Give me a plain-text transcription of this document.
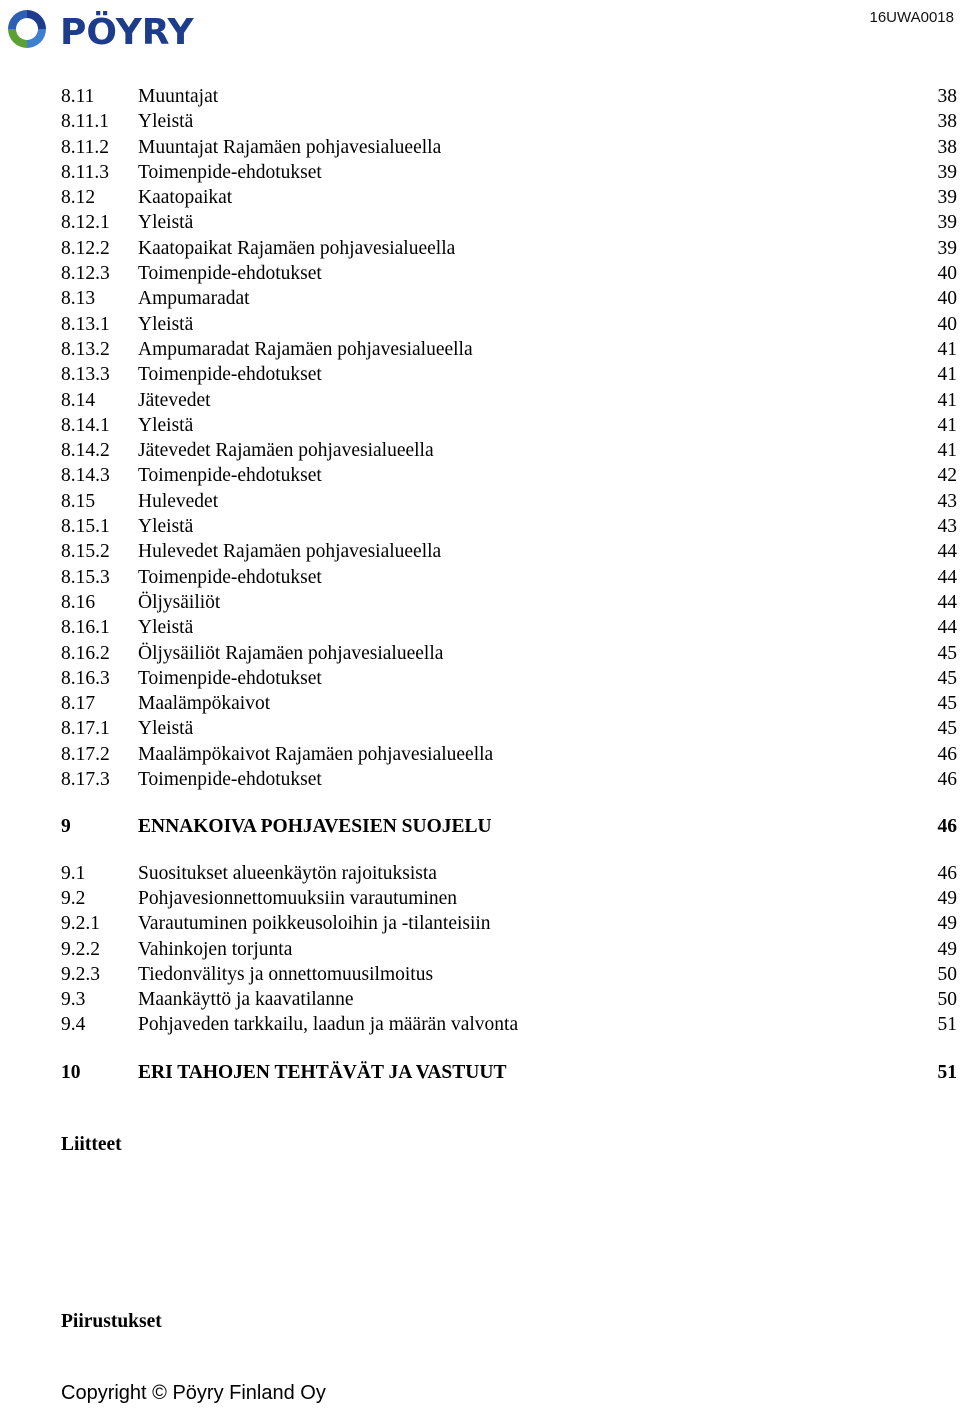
PÖYRY	16UWA0018
8.11 Muuntajat	38
8.11.1 Yleistä	38
8.11.2 Muuntajat Rajamäen pohjavesialueella	38
8.11.3 Toimenpide-ehdotukset	39
8.12 Kaatopaikat	39
8.12.1 Yleistä	39
8.12.2 Kaatopaikat Rajamäen pohjavesialueella	39
8.12.3 Toimenpide-ehdotukset	40
8.13 Ampumaradat	40
8.13.1 Yleistä	40
8.13.2 Ampumaradat Rajamäen pohjavesialueella	41
8.13.3 Toimenpide-ehdotukset	41
8.14 Jätevedet	41
8.14.1 Yleistä	41
8.14.2 Jätevedet Rajamäen pohjavesialueella	41
8.14.3 Toimenpide-ehdotukset	42
8.15 Hulevedet	43
8.15.1 Yleistä	43
8.15.2 Hulevedet Rajamäen pohjavesialueella	44
8.15.3 Toimenpide-ehdotukset	44
8.16 Öljysäiliöt	44
8.16.1 Yleistä	44
8.16.2 Öljysäiliöt Rajamäen pohjavesialueella	45
8.16.3 Toimenpide-ehdotukset	45
8.17 Maalämpökaivot	45
8.17.1 Yleistä	45
8.17.2 Maalämpökaivot Rajamäen pohjavesialueella	46
8.17.3 Toimenpide-ehdotukset	46
9	ENNAKOIVA POHJAVESIEN SUOJELU	46
9.1	Suositukset alueenkäytön rajoituksista	46
9.2	Pohjavesionnettomuuksiin varautuminen	49
9.2.1 Varautuminen poikkeusoloihin ja -tilanteisiin	49
9.2.2 Vahinkojen torjunta	49
9.2.3 Tiedonvälitys ja onnettomuusilmoitus	50
9.3	Maankäyttö ja kaavatilanne	50
9.4	Pohjaveden tarkkailu, laadun ja määrän valvonta	51
10	ERI TAHOJEN TEHTÄVÄT JA VASTUUT	51
Liitteet
Piirustukset
Copyright © Pöyry Finland Oy
